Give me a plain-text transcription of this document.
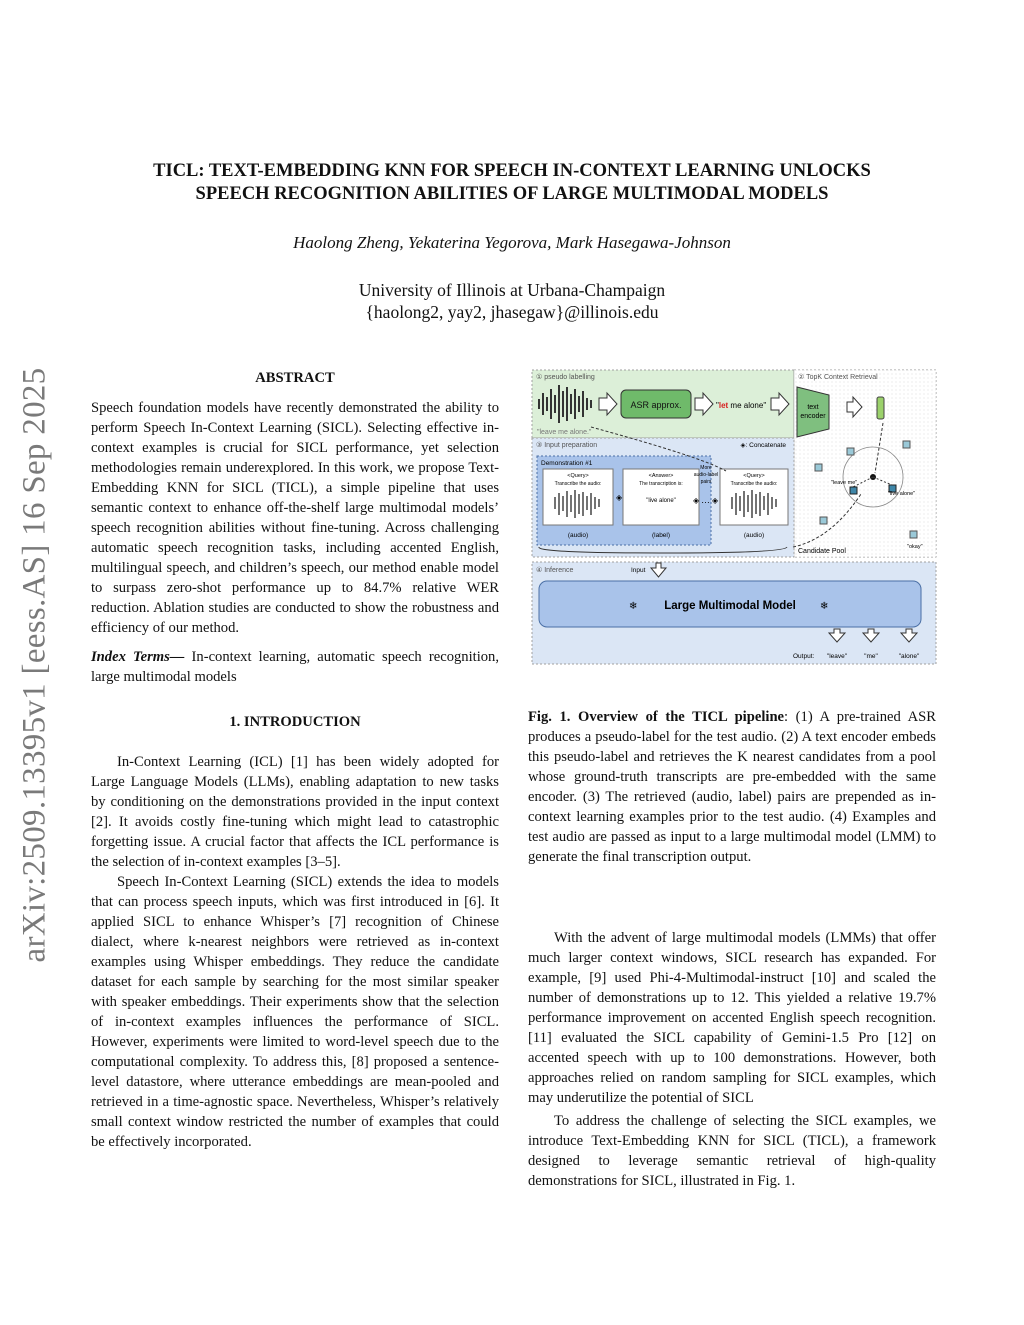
arXiv:2509.13395v1 [eess.AS] 16 Sep 2025
TICL: TEXT-EMBEDDING KNN FOR SPEECH IN-CONTEXT LEARNING UNLOCKS
SPEECH RECOGNITION ABILITIES OF LARGE MULTIMODAL MODELS
Haolong Zheng, Yekaterina Yegorova, Mark Hasegawa-Johnson
University of Illinois at Urbana-Champaign
{haolong2, yay2, jhasegaw}@illinois.edu

ABSTRACT

Speech foundation models have recently demonstrated the ability to perform Speech In-Context Learning (SICL). Selecting effective in-context examples is crucial for SICL performance, yet selection methodologies remain underexplored. In this work, we propose Text-Embedding KNN for SICL (TICL), a simple pipeline that uses semantic context to enhance off-the-shelf large multimodal models’ speech recognition abilities without fine-tuning. Across challenging automatic speech recognition tasks, including accented English, multilingual speech, and children’s speech, our method enable model to surpass zero-shot performance up to 84.7% relative WER reduction. Ablation studies are conducted to show the robustness and efficiency of our method.

Index Terms— In-context learning, automatic speech recognition, large multimodal models

1. INTRODUCTION

In-Context Learning (ICL) [1] has been widely adopted for Large Language Models (LLMs), enabling adaptation to new tasks by conditioning on the demonstrations provided in the input context [2]. It avoids costly fine-tuning which might lead to catastrophic forgetting issue. A crucial factor that affects the ICL performance is the selection of in-context examples [3–5].

Speech In-Context Learning (SICL) extends the idea to models that can process speech inputs, which was first introduced in [6]. It applied SICL to enhance Whisper’s [7] recognition of Chinese dialect, where k-nearest neighbors were retrieved as in-context examples using Whisper embeddings. They reduce the candidate dataset for each sample by searching for the most similar speaker with speaker embeddings. Their experiments show that the selection of in-context examples influences the performance of SICL. However, experiments were limited to word-level speech due to the computational complexity. To address this, [8] proposed a sentence-level datastore, where utterance embeddings are mean-pooled and retrieved in a time-agnostic space. Nevertheless, Whisper’s relatively small context window restricted the number of examples that could be effectively incorporated.

① pseudo labelling
"leave me alone."
ASR approx.	"let me alone"
② TopK Context Retrieval
text
encoder
"leave me"
"live alone"
"okay"
Candidate Pool
③ Input preparation	◈: Concatenate
Demonstration #1
<Query>
Transcribe the audio:
(audio)
◈
<Answer>
The transcription is:
"live alone"
(label)
More
audio-label
pairs
◈ … ◈
<Query>
Transcribe the audio:
(audio)
④ Inference	Input
❄ Large Multimodal Model ❄
Output: "leave"	"me"	"alone"

Fig. 1. Overview of the TICL pipeline: (1) A pre-trained ASR produces a pseudo-label for the test audio. (2) A text encoder embeds this pseudo-label and retrieves the K nearest candidates from a pool whose ground-truth transcripts are pre-embedded with the same encoder. (3) The retrieved (audio, label) pairs are prepended as in-context learning examples prior to the test audio. (4) Examples and test audio are passed as input to a large multimodal model (LMM) to generate the final transcription output.

With the advent of large multimodal models (LMMs) that offer much larger context windows, SICL research has expanded. For example, [9] used Phi-4-Multimodal-instruct [10] and scaled the number of demonstrations up to 12. This yielded a relative 19.7% performance improvement on accented English speech recognition. [11] evaluated the SICL capability of Gemini-1.5 Pro [12] on accented speech with up to 100 demonstrations. However, both approaches relied on random sampling for SICL examples, which may underutilize the potential of SICL

To address the challenge of selecting the SICL examples, we introduce Text-Embedding KNN for SICL (TICL), a framework designed to leverage semantic retrieval of high-quality demonstrations for SICL, illustrated in Fig. 1.
